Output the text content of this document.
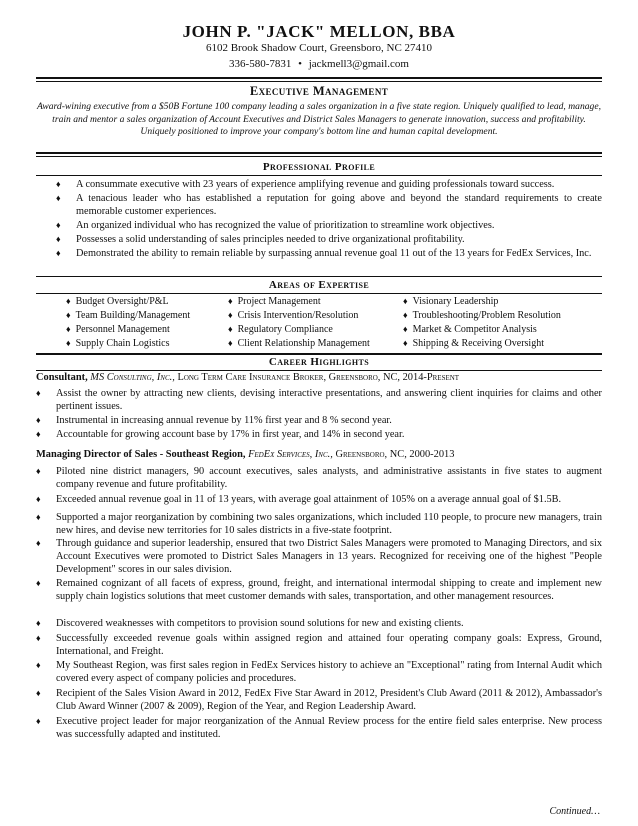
JOHN P. "JACK" MELLON, BBA
6102 Brook Shadow Court, Greensboro, NC 27410
336-580-7831 • jackmell3@gmail.com
Executive Management
Award-wining executive from a $50B Fortune 100 company leading a sales organization in a five state region. Uniquely qualified to lead, manage, train and mentor a sales organization of Account Executives and District Sales Managers to generate innovation, success and profitability. Uniquely positioned to improve your company's bottom line and human capital development.
Professional Profile
♦ A consummate executive with 23 years of experience amplifying revenue and guiding professionals toward success.
♦ A tenacious leader who has established a reputation for going above and beyond the standard requirements to create memorable customer experiences.
♦ An organized individual who has recognized the value of prioritization to streamline work objectives.
♦ Possesses a solid understanding of sales principles needed to drive organizational profitability.
♦ Demonstrated the ability to remain reliable by surpassing annual revenue goal 11 out of the 13 years for FedEx Services, Inc.
Areas of Expertise
♦ Budget Oversight/P&L
♦ Team Building/Management
♦ Personnel Management
♦ Supply Chain Logistics
♦ Project Management
♦ Crisis Intervention/Resolution
♦ Regulatory Compliance
♦ Client Relationship Management
♦ Visionary Leadership
♦ Troubleshooting/Problem Resolution
♦ Market & Competitor Analysis
♦ Shipping & Receiving Oversight
Career Highlights
Consultant, MS Consulting, Inc., Long Term Care Insurance Broker, Greensboro, NC, 2014-Present
♦ Assist the owner by attracting new clients, devising interactive presentations, and answering client inquiries for claims and other pertinent issues.
♦ Instrumental in increasing annual revenue by 11% first year and 8 % second year.
♦ Accountable for growing account base by 17% in first year, and 14% in second year.
Managing Director of Sales - Southeast Region, FedEx Services, Inc., Greensboro, NC, 2000-2013
♦ Piloted nine district managers, 90 account executives, sales analysts, and administrative assistants in five states to augment company revenue and future profitability.
♦ Exceeded annual revenue goal in 11 of 13 years, with average goal attainment of 105% on a average annual goal of $1.5B.
♦ Supported a major reorganization by combining two sales organizations, which included 110 people, to procure new managers, train new hires, and devise new territories for 10 sales districts in a five-state footprint.
♦ Through guidance and superior leadership, ensured that two District Sales Managers were promoted to Managing Directors, and six Account Executives were promoted to District Sales Managers in 13 years. Recognized for receiving one of the highest "People Development" scores in our sales division.
♦ Remained cognizant of all facets of express, ground, freight, and international intermodal shipping to create and implement new supply chain logistics solutions that meet customer demands with sales, transportation, and other management resources.
♦ Discovered weaknesses with competitors to provision sound solutions for new and existing clients.
♦ Successfully exceeded revenue goals within assigned region and attained four operating company goals: Express, Ground, International, and Freight.
♦ My Southeast Region, was first sales region in FedEx Services history to achieve an "Exceptional" rating from Internal Audit which covered every aspect of company policies and procedures.
♦ Recipient of the Sales Vision Award in 2012, FedEx Five Star Award in 2012, President's Club Award (2011 & 2012), Ambassador's Club Award Winner (2007 & 2009), Region of the Year, and Region Leadership Award.
♦ Executive project leader for major reorganization of the Annual Review process for the entire field sales enterprise. New process was successfully adapted and instituted.
Continued…
